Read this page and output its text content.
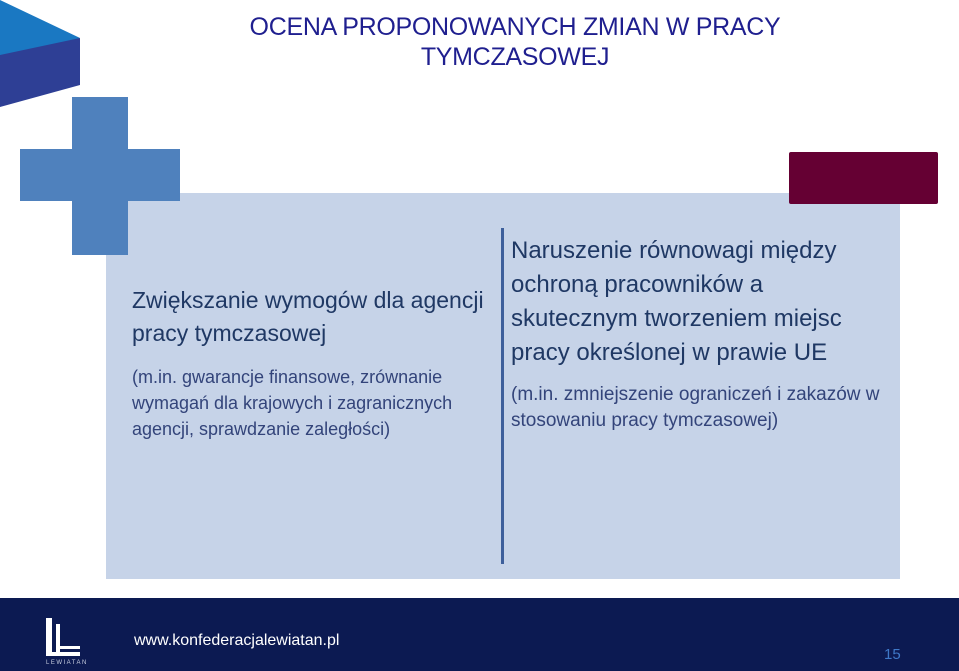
OCENA PROPONOWANYCH ZMIAN W PRACY TYMCZASOWEJ
Zwiększanie wymogów dla agencji pracy tymczasowej
(m.in. gwarancje finansowe, zrównanie wymagań dla krajowych i zagranicznych agencji, sprawdzanie zaległości)
Naruszenie równowagi między ochroną pracowników a skutecznym tworzeniem miejsc pracy określonej w prawie UE
(m.in. zmniejszenie ograniczeń i zakazów w stosowaniu pracy tymczasowej)
LEWIATAN
www.konfederacjalewiatan.pl
15
